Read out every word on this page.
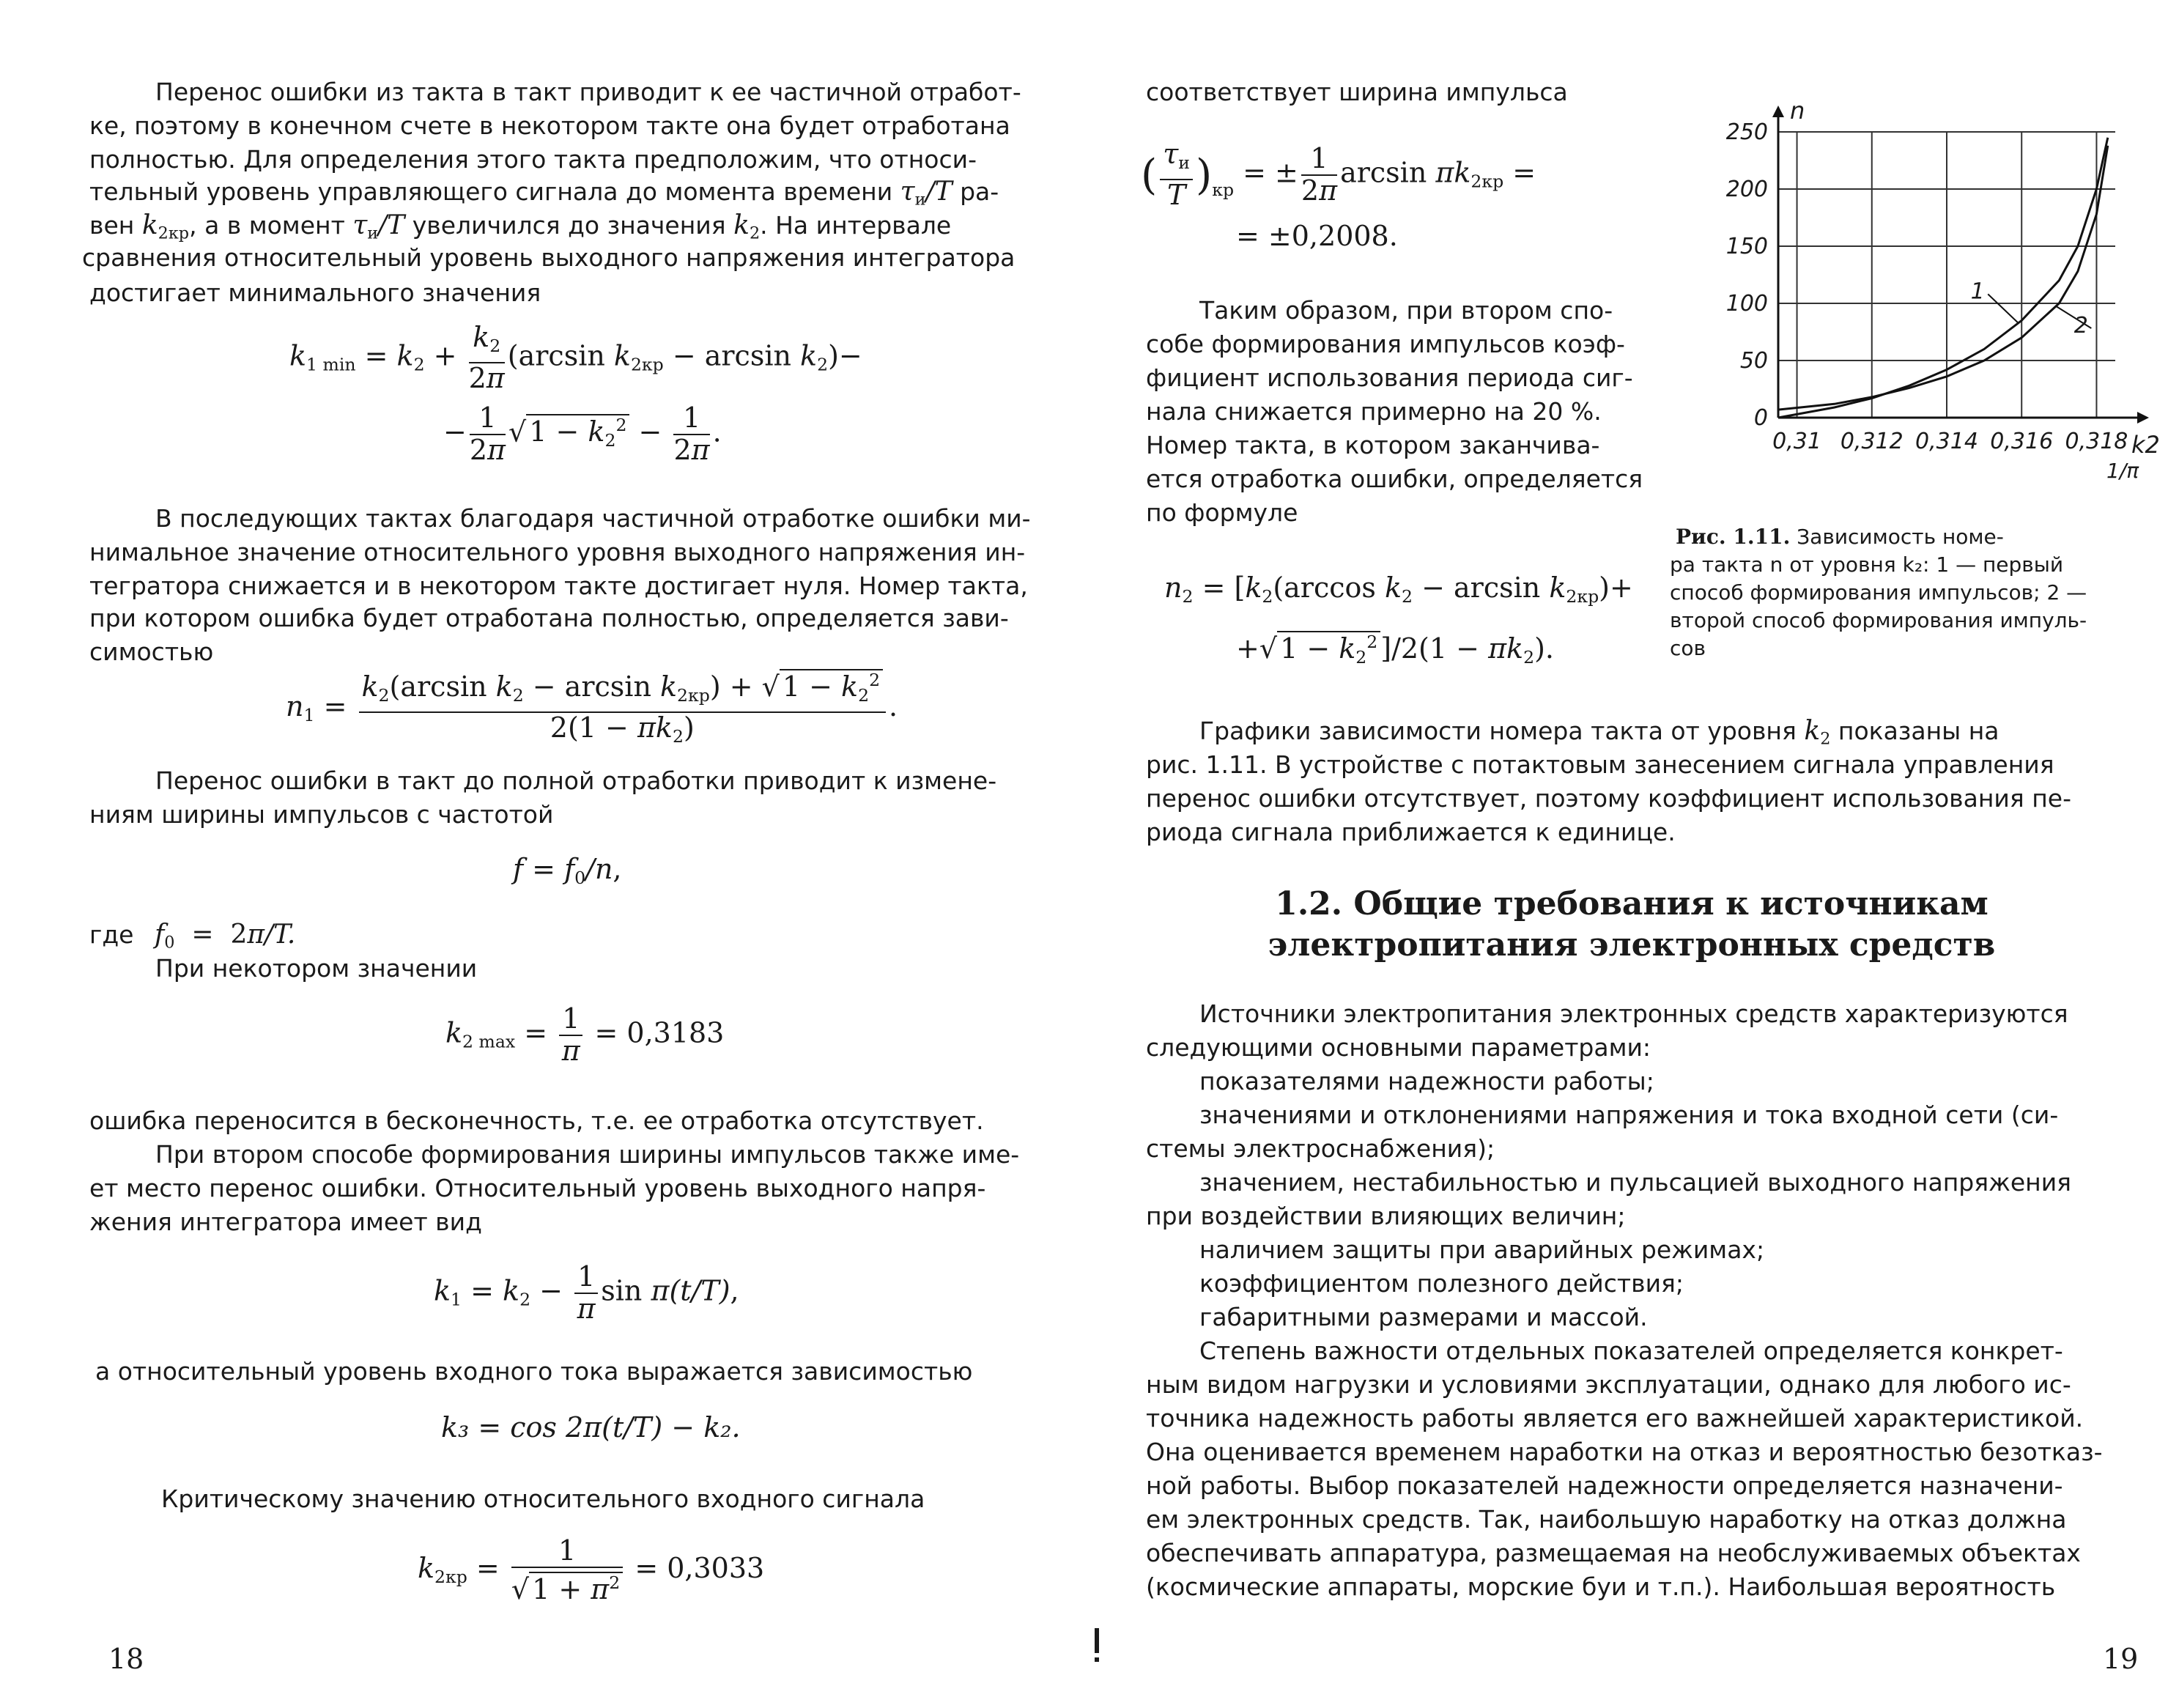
Перенос ошибки из такта в такт приводит к ее частичной отработ-
ке, поэтому в конечном счете в некотором такте она будет отработана
полностью. Для определения этого такта предположим, что относи-
тельный уровень управляющего сигнала до момента времени $\tau_и/T$ ра-
вен $k_{2кр}$, а в момент $\tau_и/T$ увеличился до значения $k_2$. На интервале
сравнения относительный уровень выходного напряжения интегратора
достигает минимального значения
$k_{1 min} = k_2 + \frac{k_2}{2\pi} (\arcsin$ $k_{2кр} - \arcsin k_2)-$
− $\frac{1}{2\pi}$ √ $1 - k_2^2 - \frac{1}{2\pi}$ .
В последующих тактах благодаря частичной отработке ошибки ми-
нимальное значение относительного уровня выходного напряжения ин-
тегратора снижается и в некотором такте достигает нуля. Номер такта,
при котором ошибка будет отработана полностью, определяется зави-
симостью
$n_1 = \frac{k_2(\arcsin k_2 - \arcsin k_{2кр}) + √ 1 - k_2^2}{2(1 - \pi k_2)}$ .
Перенос ошибки в такт до полной отработки приводит к измене-
ниям ширины импульсов с частотой
$f = f_0/n$,
где $f_0 = 2\pi/T$.
При некотором значении
$k_{2 max} = \frac{1}{\pi} = 0,3183$
ошибка переносится в бесконечность, т.е. ее отработка отсутствует.
При втором способе формирования ширины импульсов также име-
ет место перенос ошибки. Относительный уровень выходного напря-
жения интегратора имеет вид
$k_1 = k_2 - \frac{1}{\pi}$ sin π(t/T),
а относительный уровень входного тока выражается зависимостью
k₃ = cos 2π(t/T) − k₂.
Критическому значению относительного входного сигнала
$k_{2кр} = \frac{1}{√ 1 + \pi^2} = 0,3033$
18
соответствует ширина импульса
( $\frac{\tau_и}{T} )_{кр}$ = ± $\frac{1}{2\pi}$ $\arcsin \pi k_{2кр}$ =
= ±0,2008.
Таким образом, при втором спо-
собе формирования импульсов коэф-
фициент использования периода сиг-
нала снижается примерно на 20 %.
Номер такта, в котором заканчива-
ется отработка ошибки, определяется
по формуле
$n_2 = [k_2(\arccos$ $k_2 - \arcsin k_{2кр})+$
+√ $1 - k_2^2$ ]$/2(1 - \pi k_2)$.
0,31 0,312 0,314 0,316 0,318
0
50
100
150
200
250
n
k2
1/π
1
2
Рис. 1.11. Зависимость номе-
ра такта n от уровня k₂: 1 — первый
способ формирования импульсов; 2 —
второй способ формирования импуль-
сов
Графики зависимости номера такта от уровня $k_2$ показаны на
рис. 1.11. В устройстве с потактовым занесением сигнала управления
перенос ошибки отсутствует, поэтому коэффициент использования пе-
риода сигнала приближается к единице.
1.2. Общие требования к источникам
электропитания электронных средств
Источники электропитания электронных средств характеризуются
следующими основными параметрами:
показателями надежности работы;
значениями и отклонениями напряжения и тока входной сети (си-
стемы электроснабжения);
значением, нестабильностью и пульсацией выходного напряжения
при воздействии влияющих величин;
наличием защиты при аварийных режимах;
коэффициентом полезного действия;
габаритными размерами и массой.
Степень важности отдельных показателей определяется конкрет-
ным видом нагрузки и условиями эксплуатации, однако для любого ис-
точника надежность работы является его важнейшей характеристикой.
Она оценивается временем наработки на отказ и вероятностью безотказ-
ной работы. Выбор показателей надежности определяется назначени-
ем электронных средств. Так, наибольшую наработку на отказ должна
обеспечивать аппаратура, размещаемая на необслуживаемых объектах
(космические аппараты, морские буи и т.п.). Наибольшая вероятность
19
